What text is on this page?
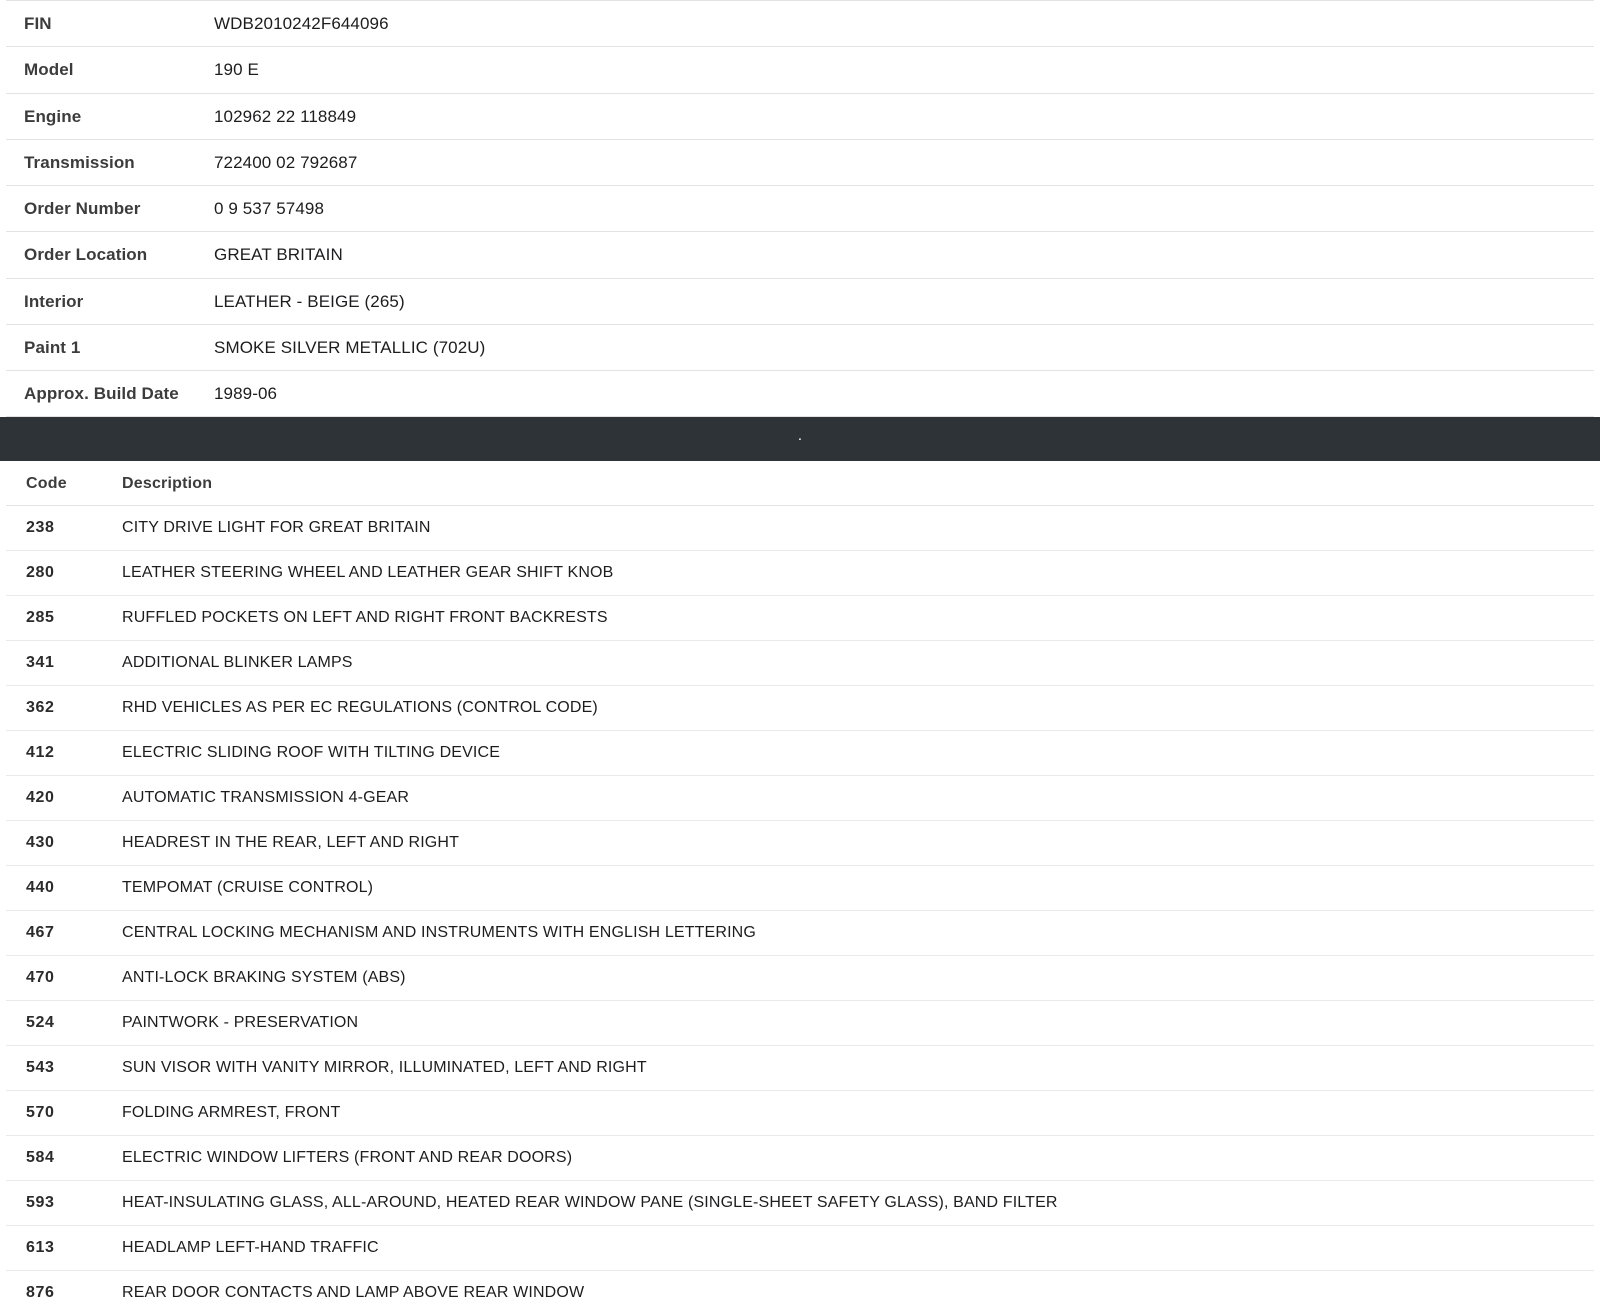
FIN	WDB2010242F644096
Model	190 E
Engine	102962 22 118849
Transmission	722400 02 792687
Order Number	0 9 537 57498
Order Location	GREAT BRITAIN
Interior	LEATHER - BEIGE (265)
Paint 1	SMOKE SILVER METALLIC (702U)
Approx. Build Date	1989-06
.
Code	Description
238	CITY DRIVE LIGHT FOR GREAT BRITAIN
280	LEATHER STEERING WHEEL AND LEATHER GEAR SHIFT KNOB
285	RUFFLED POCKETS ON LEFT AND RIGHT FRONT BACKRESTS
341	ADDITIONAL BLINKER LAMPS
362	RHD VEHICLES AS PER EC REGULATIONS (CONTROL CODE)
412	ELECTRIC SLIDING ROOF WITH TILTING DEVICE
420	AUTOMATIC TRANSMISSION 4-GEAR
430	HEADREST IN THE REAR, LEFT AND RIGHT
440	TEMPOMAT (CRUISE CONTROL)
467	CENTRAL LOCKING MECHANISM AND INSTRUMENTS WITH ENGLISH LETTERING
470	ANTI-LOCK BRAKING SYSTEM (ABS)
524	PAINTWORK - PRESERVATION
543	SUN VISOR WITH VANITY MIRROR, ILLUMINATED, LEFT AND RIGHT
570	FOLDING ARMREST, FRONT
584	ELECTRIC WINDOW LIFTERS (FRONT AND REAR DOORS)
593	HEAT-INSULATING GLASS, ALL-AROUND, HEATED REAR WINDOW PANE (SINGLE-SHEET SAFETY GLASS), BAND FILTER
613	HEADLAMP LEFT-HAND TRAFFIC
876	REAR DOOR CONTACTS AND LAMP ABOVE REAR WINDOW
